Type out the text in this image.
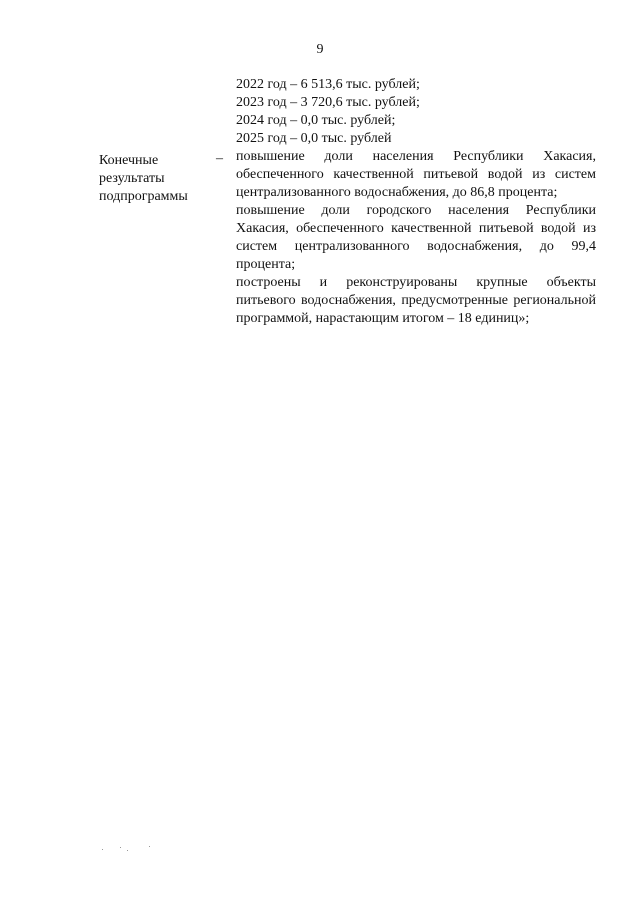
9
2022 год – 6 513,6 тыс. рублей;
2023 год – 3 720,6 тыс. рублей;
2024 год – 0,0 тыс. рублей;
2025 год – 0,0 тыс. рублей
Конечные
результаты
подпрограммы
– повышение доли населения Республики Хакасия, обеспеченного качественной питьевой водой из систем централизованного водоснабжения, до 86,8 процента;

повышение доли городского населения Республики Хакасия, обеспеченного качественной питьевой водой из систем централизованного водоснабжения, до 99,4 процента;

построены и реконструированы крупные объекты питьевого водоснабжения, предусмотренные региональной программой, нарастающим итогом – 18 единиц»;
